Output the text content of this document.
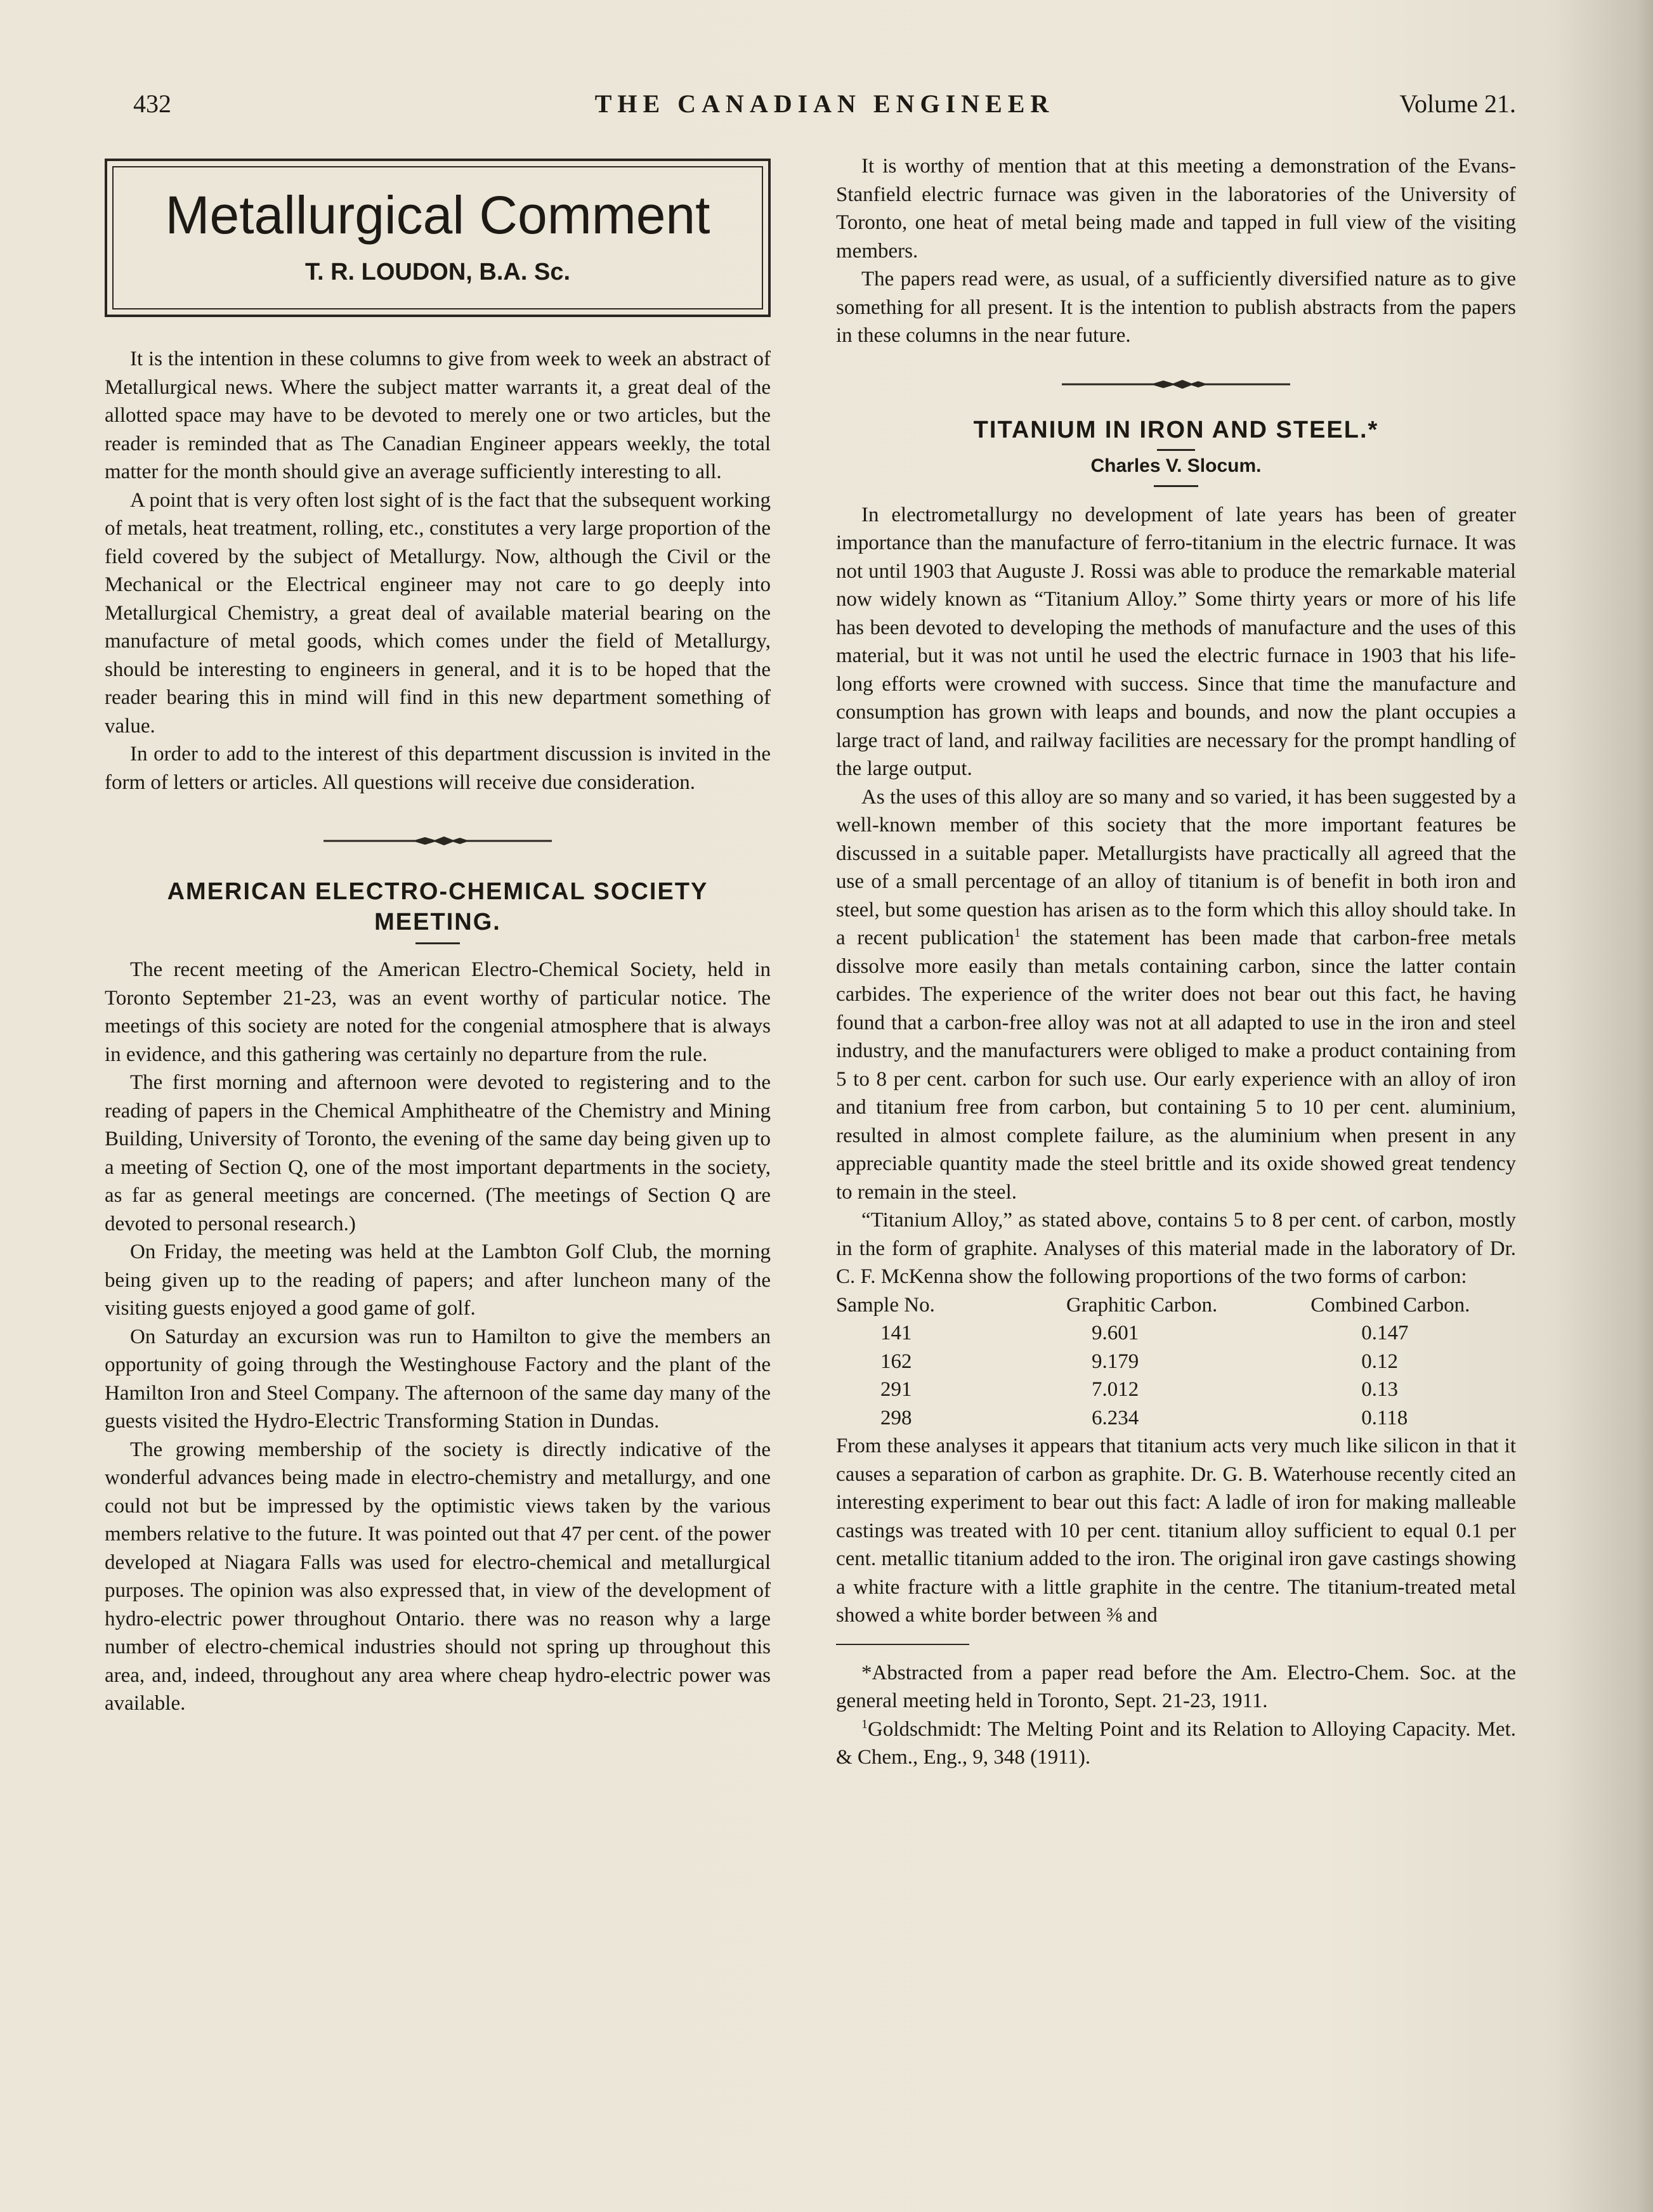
432	THE CANADIAN ENGINEER	Volume 21.
Metallurgical Comment
T. R. LOUDON, B.A. Sc.

It is the intention in these columns to give from week to week an abstract of Metallurgical news. Where the subject matter warrants it, a great deal of the allotted space may have to be devoted to merely one or two articles, but the reader is reminded that as The Canadian Engineer appears weekly, the total matter for the month should give an average sufficiently interesting to all.

A point that is very often lost sight of is the fact that the subsequent working of metals, heat treatment, rolling, etc., constitutes a very large proportion of the field covered by the subject of Metallurgy. Now, although the Civil or the Mechanical or the Electrical engineer may not care to go deeply into Metallurgical Chemistry, a great deal of available material bearing on the manufacture of metal goods, which comes under the field of Metallurgy, should be interesting to engineers in general, and it is to be hoped that the reader bearing this in mind will find in this new department something of value.

In order to add to the interest of this department discussion is invited in the form of letters or articles. All questions will receive due consideration.

AMERICAN ELECTRO-CHEMICAL SOCIETY MEETING.

The recent meeting of the American Electro-Chemical Society, held in Toronto September 21-23, was an event worthy of particular notice. The meetings of this society are noted for the congenial atmosphere that is always in evidence, and this gathering was certainly no departure from the rule.

The first morning and afternoon were devoted to registering and to the reading of papers in the Chemical Amphitheatre of the Chemistry and Mining Building, University of Toronto, the evening of the same day being given up to a meeting of Section Q, one of the most important departments in the society, as far as general meetings are concerned. (The meetings of Section Q are devoted to personal research.)

On Friday, the meeting was held at the Lambton Golf Club, the morning being given up to the reading of papers; and after luncheon many of the visiting guests enjoyed a good game of golf.

On Saturday an excursion was run to Hamilton to give the members an opportunity of going through the Westinghouse Factory and the plant of the Hamilton Iron and Steel Company. The afternoon of the same day many of the guests visited the Hydro-Electric Transforming Station in Dundas.

The growing membership of the society is directly indicative of the wonderful advances being made in electro-chemistry and metallurgy, and one could not but be impressed by the optimistic views taken by the various members relative to the future. It was pointed out that 47 per cent. of the power developed at Niagara Falls was used for electro-chemical and metallurgical purposes. The opinion was also expressed that, in view of the development of hydro-electric power throughout Ontario. there was no reason why a large number of electro-chemical industries should not spring up throughout this area, and, indeed, throughout any area where cheap hydro-electric power was available.

It is worthy of mention that at this meeting a demonstration of the Evans-Stanfield electric furnace was given in the laboratories of the University of Toronto, one heat of metal being made and tapped in full view of the visiting members.

The papers read were, as usual, of a sufficiently diversified nature as to give something for all present. It is the intention to publish abstracts from the papers in these columns in the near future.

TITANIUM IN IRON AND STEEL.*
Charles V. Slocum.

In electrometallurgy no development of late years has been of greater importance than the manufacture of ferro-titanium in the electric furnace. It was not until 1903 that Auguste J. Rossi was able to produce the remarkable material now widely known as “Titanium Alloy.” Some thirty years or more of his life has been devoted to developing the methods of manufacture and the uses of this material, but it was not until he used the electric furnace in 1903 that his life-long efforts were crowned with success. Since that time the manufacture and consumption has grown with leaps and bounds, and now the plant occupies a large tract of land, and railway facilities are necessary for the prompt handling of the large output.

As the uses of this alloy are so many and so varied, it has been suggested by a well-known member of this society that the more important features be discussed in a suitable paper. Metallurgists have practically all agreed that the use of a small percentage of an alloy of titanium is of benefit in both iron and steel, but some question has arisen as to the form which this alloy should take. In a recent publication$^1$ the statement has been made that carbon-free metals dissolve more easily than metals containing carbon, since the latter contain carbides. The experience of the writer does not bear out this fact, he having found that a carbon-free alloy was not at all adapted to use in the iron and steel industry, and the manufacturers were obliged to make a product containing from 5 to 8 per cent. carbon for such use. Our early experience with an alloy of iron and titanium free from carbon, but containing 5 to 10 per cent. aluminium, resulted in almost complete failure, as the aluminium when present in any appreciable quantity made the steel brittle and its oxide showed great tendency to remain in the steel.

“Titanium Alloy,” as stated above, contains 5 to 8 per cent. of carbon, mostly in the form of graphite. Analyses of this material made in the laboratory of Dr. C. F. McKenna show the following proportions of the two forms of carbon:

Sample No.	Graphitic Carbon.	Combined Carbon.
141	9.601	0.147
162	9.179	0.12
291	7.012	0.13
298	6.234	0.118

From these analyses it appears that titanium acts very much like silicon in that it causes a separation of carbon as graphite. Dr. G. B. Waterhouse recently cited an interesting experiment to bear out this fact: A ladle of iron for making malleable castings was treated with 10 per cent. titanium alloy sufficient to equal 0.1 per cent. metallic titanium added to the iron. The original iron gave castings showing a white fracture with a little graphite in the centre. The titanium-treated metal showed a white border between ⅜ and

*Abstracted from a paper read before the Am. Electro-Chem. Soc. at the general meeting held in Toronto, Sept. 21-23, 1911.

$^1$Goldschmidt: The Melting Point and its Relation to Alloying Capacity. Met. & Chem., Eng., 9, 348 (1911).
